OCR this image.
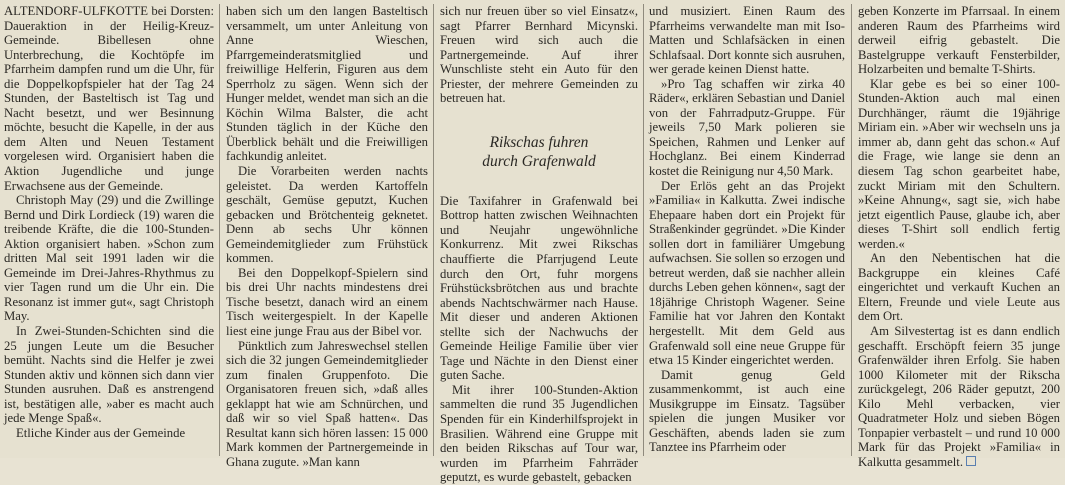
ALTENDORF-ULFKOTTE bei Dorsten: Daueraktion in der Heilig-Kreuz-Gemeinde. Bibellesen ohne Unterbrechung, die Kochtöpfe im Pfarrheim dampfen rund um die Uhr, für die Doppelkopfspieler hat der Tag 24 Stunden, der Basteltisch ist Tag und Nacht besetzt, und wer Besinnung möchte, besucht die Kapelle, in der aus dem Alten und Neuen Testament vorgelesen wird. Organisiert haben die Aktion Jugendliche und junge Erwachsene aus der Gemeinde.

Christoph May (29) und die Zwillinge Bernd und Dirk Lordieck (19) waren die treibende Kräfte, die die 100-Stunden-Aktion organisiert haben. »Schon zum dritten Mal seit 1991 laden wir die Gemeinde im Drei-Jahres-Rhythmus zu vier Tagen rund um die Uhr ein. Die Resonanz ist immer gut«, sagt Christoph May.

In Zwei-Stunden-Schichten sind die 25 jungen Leute um die Besucher bemüht. Nachts sind die Helfer je zwei Stunden aktiv und können sich dann vier Stunden ausruhen. Daß es anstrengend ist, bestätigen alle, »aber es macht auch jede Menge Spaß«.

Etliche Kinder aus der Gemeinde

haben sich um den langen Basteltisch versammelt, um unter Anleitung von Anne Wieschen, Pfarrgemeinderatsmitglied und freiwillige Helferin, Figuren aus dem Sperrholz zu sägen. Wenn sich der Hunger meldet, wendet man sich an die Köchin Wilma Balster, die acht Stunden täglich in der Küche den Überblick behält und die Freiwilligen fachkundig anleitet.

Die Vorarbeiten werden nachts geleistet. Da werden Kartoffeln geschält, Gemüse geputzt, Kuchen gebacken und Brötchenteig geknetet. Denn ab sechs Uhr können Gemeindemitglieder zum Frühstück kommen.

Bei den Doppelkopf-Spielern sind bis drei Uhr nachts mindestens drei Tische besetzt, danach wird an einem Tisch weitergespielt. In der Kapelle liest eine junge Frau aus der Bibel vor.

Pünktlich zum Jahreswechsel stellen sich die 32 jungen Gemeindemitglieder zum finalen Gruppenfoto. Die Organisatoren freuen sich, »daß alles geklappt hat wie am Schnürchen, und daß wir so viel Spaß hatten«. Das Resultat kann sich hören lassen: 15 000 Mark kommen der Partnergemeinde in Ghana zugute. »Man kann

sich nur freuen über so viel Einsatz«, sagt Pfarrer Bernhard Micynski. Freuen wird sich auch die Partnergemeinde. Auf ihrer Wunschliste steht ein Auto für den Priester, der mehrere Gemeinden zu betreuen hat.

Rikschas fuhren
durch Grafenwald

Die Taxifahrer in Grafenwald bei Bottrop hatten zwischen Weihnachten und Neujahr ungewöhnliche Konkurrenz. Mit zwei Rikschas chauffierte die Pfarrjugend Leute durch den Ort, fuhr morgens Frühstücksbrötchen aus und brachte abends Nachtschwärmer nach Hause. Mit dieser und anderen Aktionen stellte sich der Nachwuchs der Gemeinde Heilige Familie über vier Tage und Nächte in den Dienst einer guten Sache.

Mit ihrer 100-Stunden-Aktion sammelten die rund 35 Jugendlichen Spenden für ein Kinderhilfsprojekt in Brasilien. Während eine Gruppe mit den beiden Rikschas auf Tour war, wurden im Pfarrheim Fahrräder geputzt, es wurde gebastelt, gebacken

und musiziert. Einen Raum des Pfarrheims verwandelte man mit Iso-Matten und Schlafsäcken in einen Schlafsaal. Dort konnte sich ausruhen, wer gerade keinen Dienst hatte.

»Pro Tag schaffen wir zirka 40 Räder«, erklären Sebastian und Daniel von der Fahrradputz-Gruppe. Für jeweils 7,50 Mark polieren sie Speichen, Rahmen und Lenker auf Hochglanz. Bei einem Kinderrad kostet die Reinigung nur 4,50 Mark.

Der Erlös geht an das Projekt »Familia« in Kalkutta. Zwei indische Ehepaare haben dort ein Projekt für Straßenkinder gegründet. »Die Kinder sollen dort in familiärer Umgebung aufwachsen. Sie sollen so erzogen und betreut werden, daß sie nachher allein durchs Leben gehen können«, sagt der 18jährige Christoph Wagener. Seine Familie hat vor Jahren den Kontakt hergestellt. Mit dem Geld aus Grafenwald soll eine neue Gruppe für etwa 15 Kinder eingerichtet werden.

Damit genug Geld zusammenkommt, ist auch eine Musikgruppe im Einsatz. Tagsüber spielen die jungen Musiker vor Geschäften, abends laden sie zum Tanztee ins Pfarrheim oder

geben Konzerte im Pfarrsaal. In einem anderen Raum des Pfarrheims wird derweil eifrig gebastelt. Die Bastelgruppe verkauft Fensterbilder, Holzarbeiten und bemalte T-Shirts.

Klar gebe es bei so einer 100-Stunden-Aktion auch mal einen Durchhänger, räumt die 19jährige Miriam ein. »Aber wir wechseln uns ja immer ab, dann geht das schon.« Auf die Frage, wie lange sie denn an diesem Tag schon gearbeitet habe, zuckt Miriam mit den Schultern. »Keine Ahnung«, sagt sie, »ich habe jetzt eigentlich Pause, glaube ich, aber dieses T-Shirt soll endlich fertig werden.«

An den Nebentischen hat die Backgruppe ein kleines Café eingerichtet und verkauft Kuchen an Eltern, Freunde und viele Leute aus dem Ort.

Am Silvestertag ist es dann endlich geschafft. Erschöpft feiern 35 junge Grafenwälder ihren Erfolg. Sie haben 1000 Kilometer mit der Rikscha zurückgelegt, 206 Räder geputzt, 200 Kilo Mehl verbacken, vier Quadratmeter Holz und sieben Bögen Tonpapier verbastelt – und rund 10 000 Mark für das Projekt »Familia« in Kalkutta gesammelt.
